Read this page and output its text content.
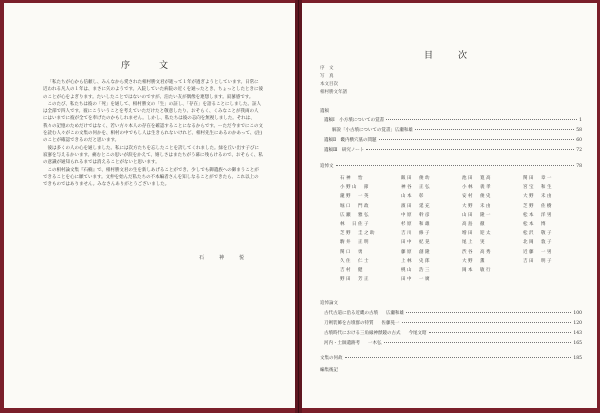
序　文

「私たちが心から信頼し、みんなから愛された相村勝文君が逝って１年が過ぎようとしています。日常に辺われる凡人の１年は、まさに矢のようです。入院していた病院の近くを通ったとき、ちょっとしたときに彼のことが心をよぎります。たいしたことではないのですが、泊たい友が偶像を連想します。寂蓼感です。

このたび、私たちは彼の「死」を通して、相村勝文の「生」の証し、「存在」を語ることにしました。証人は全部で四人です。彼にこういうことを考えていただけたと敬意したり、おそらく、くみなことが我両の人にはいまでに彼が全てを奉げたのかもしれません。しかし、私たちは彼の志向を無視しました。それは、我々の記憶のためだけではなく、若い方々本人の存在を確認することになるからです。ーただ今までにこの文を読む人々がこの文集の何かを、相村の中でもし人は生きられないけれど、相村先生にあるのかあって、(注)のことが確認できるのだと思います。

彼は多くの人の心を通しました。私には次方たちを忘したことを誇してくれました。緑を丘い出す子びに寂寥を与えるかいます。痛むとこの思いが涙をかえて、嬉しさはまたちがう幕に残らけるので、おそらく、私の意識が通知られるまでは消えることがないと思います。

この相村論文集『石楠』で、相村勝文君の生を新しあげることができ、少しでも御遺族への御まうことができることを心に願ています。文仲を始んだ私たちの不本編者さんを知しなることができたら、これ以上のできものではありません。みなさんありがとうございました。

石	神	悦
目　次
序　文
写　真
本文目次
相村勝文年譜
遺稿
遺稿Ⅰ　小方墳についての覚書	1
解説「小古墳についての覚書」広瀬和雄	58
遺稿Ⅱ　畿内横穴墓の問題	60
遺稿Ⅲ　研究ノート	72
追悼文	78
石神　怡	飯田　俊幼	池田　寛高	関田　章一
小野山　節	神谷　正弘	小林　義孝	宮宝　和生
瀧野　一英	山本　彰	安村　俊史	大野　未由
堀口　門政	濱田　延充	大野　未由	芝野　佐樹
広瀬　雅弘	中原　幹彦	山田　隆一	松本　洋男
林　日佐子	杉原　和雄	高島　徹	松本　博
芝野　圭之助	吉川　修子	増田　迎太	松沢　敬子
駒井　正明	田中　紀晃	尾上　実	北岡　敦子
関口　勇	藤原　創隆	渋谷　高秀	近藤　一男
久住　仁士	上林　史郎	大野　薫	吉田　明子
吉村　健	桃山　浩三	岡本　敏行
野田　芳正	田中　一廣
追悼論文
古代古道に沿る近畿の古墳 広瀬和雄	100
刀剣装飾を古墳群の特質 佐藤晃一	120
古墳時代における三角縁神獣鏡の古式 今尾文昭	143
河内・土師遺跡考 一木弘	165
文集の何故	185
編集後記
